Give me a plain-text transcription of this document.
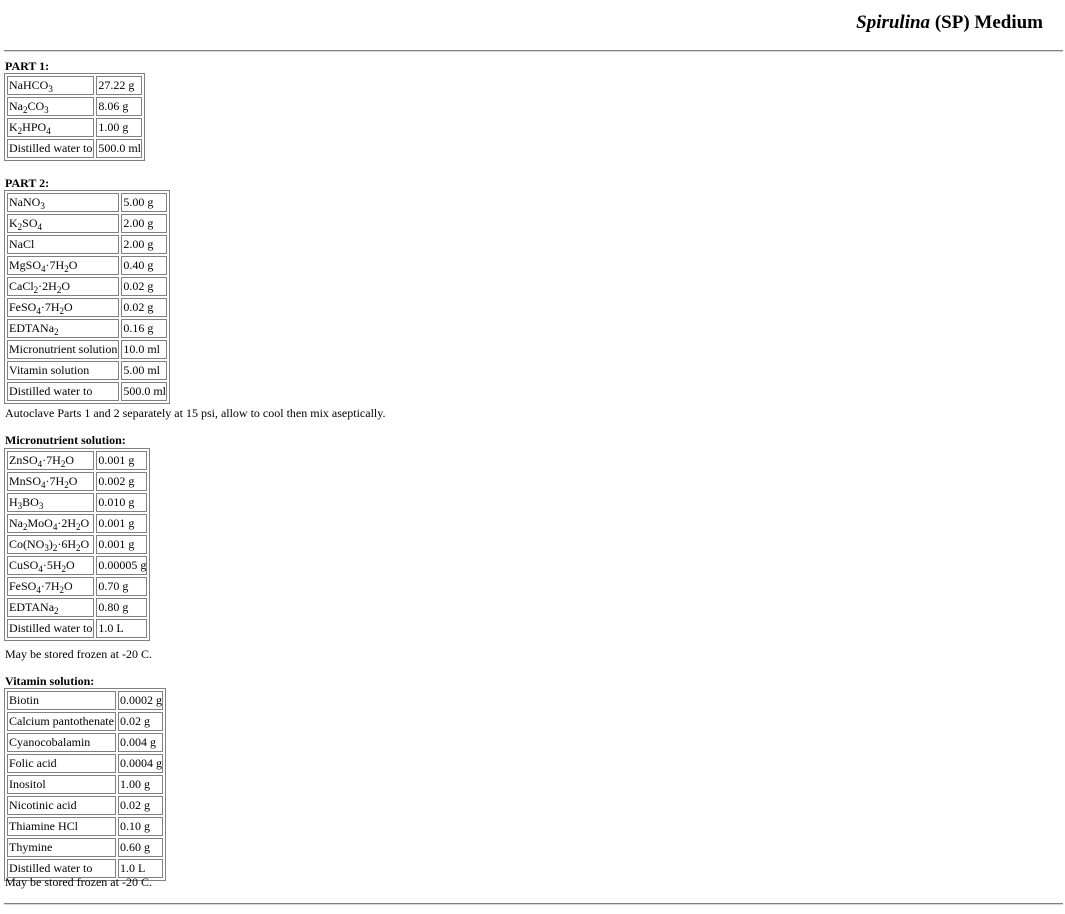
Spirulina (SP) Medium
PART 1:
NaHCO$_3$	27.22 g
$Na_2CO_3$	8.06 g
$K_2HPO_4$	1.00 g
Distilled water to	500.0 ml
PART 2:
NaNO$_3$	5.00 g
$K_2SO_4$	2.00 g
NaCl	2.00 g
$MgSO_4\cdot 7H_2O$	0.40 g
$CaCl_2\cdot 2H_2O$	0.02 g
$FeSO_4\cdot 7H_2O$	0.02 g
EDTANa$_2$	0.16 g
Micronutrient solution	10.0 ml
Vitamin solution	5.00 ml
Distilled water to	500.0 ml
Autoclave Parts 1 and 2 separately at 15 psi, allow to cool then mix aseptically.
Micronutrient solution:
$ZnSO_4\cdot 7H_2O$	0.001 g
$MnSO_4\cdot 7H_2O$	0.002 g
$H_3BO_3$	0.010 g
$Na_2MoO_4\cdot 2H_2O$	0.001 g
$Co(NO_3)_2\cdot 6H_2O$	0.001 g
$CuSO_4\cdot 5H_2O$	0.00005 g
$FeSO_4\cdot 7H_2O$	0.70 g
EDTANa$_2$	0.80 g
Distilled water to	1.0 L
May be stored frozen at -20 C.
Vitamin solution:
Biotin	0.0002 g
Calcium pantothenate	0.02 g
Cyanocobalamin	0.004 g
Folic acid	0.0004 g
Inositol	1.00 g
Nicotinic acid	0.02 g
Thiamine HCl	0.10 g
Thymine	0.60 g
Distilled water to	1.0 L
May be stored frozen at -20 C.
